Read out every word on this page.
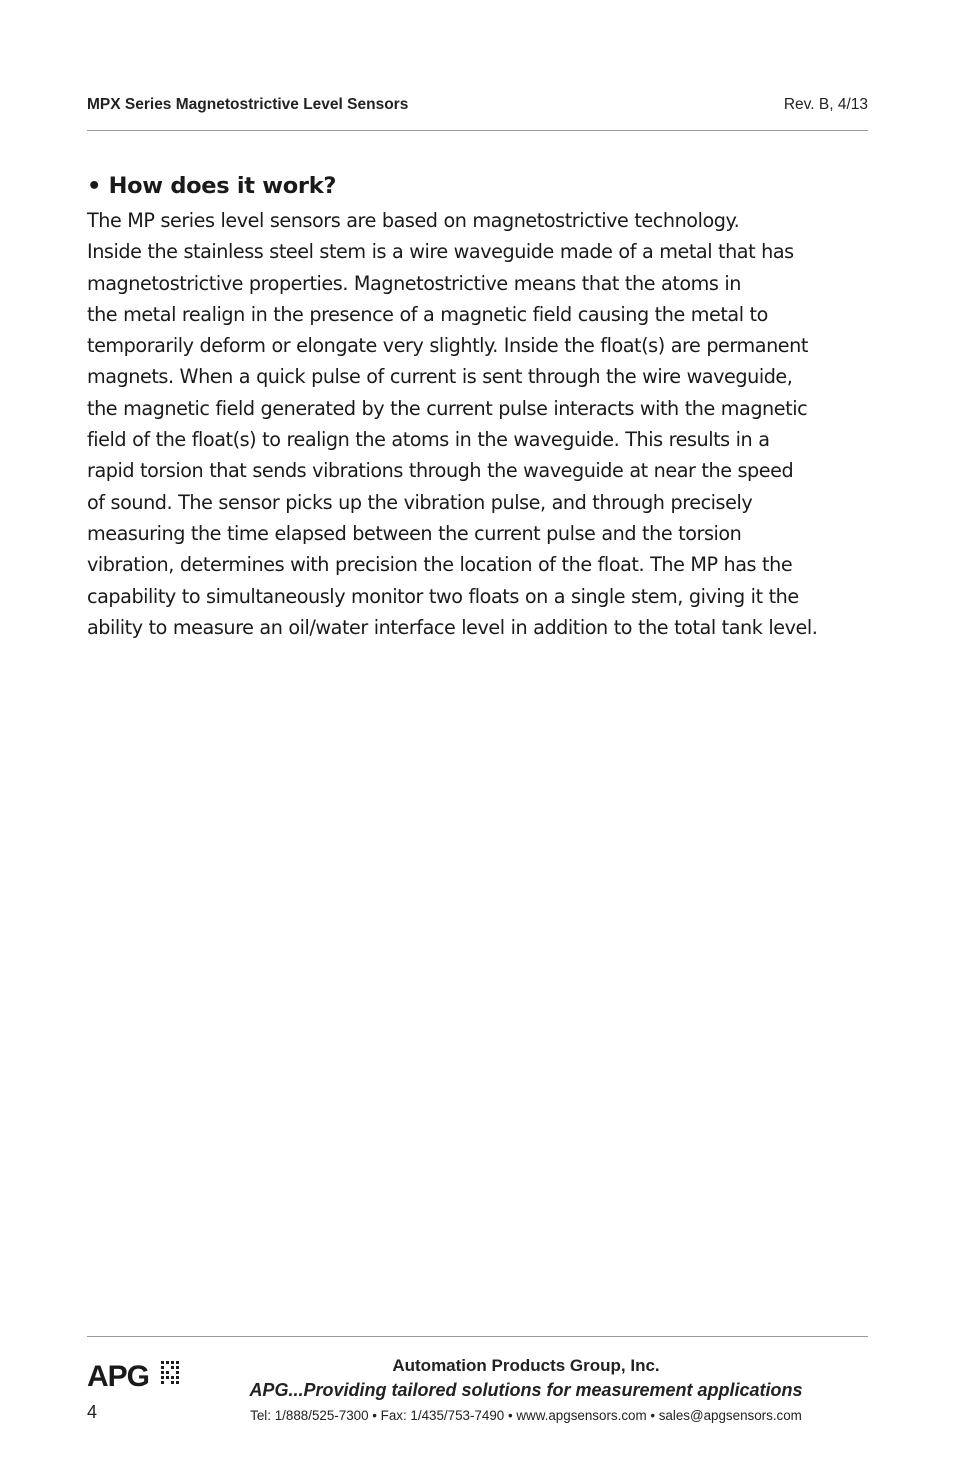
MPX Series Magnetostrictive Level Sensors	Rev. B, 4/13
• How does it work?

The MP series level sensors are based on magnetostrictive technology.
Inside the stainless steel stem is a wire waveguide made of a metal that has
magnetostrictive properties. Magnetostrictive means that the atoms in
the metal realign in the presence of a magnetic field causing the metal to
temporarily deform or elongate very slightly. Inside the float(s) are permanent
magnets. When a quick pulse of current is sent through the wire waveguide,
the magnetic field generated by the current pulse interacts with the magnetic
field of the float(s) to realign the atoms in the waveguide. This results in a
rapid torsion that sends vibrations through the waveguide at near the speed
of sound. The sensor picks up the vibration pulse, and through precisely
measuring the time elapsed between the current pulse and the torsion
vibration, determines with precision the location of the float. The MP has the
capability to simultaneously monitor two floats on a single stem, giving it the
ability to measure an oil/water interface level in addition to the total tank level.

APG
4
Automation Products Group, Inc.
APG...Providing tailored solutions for measurement applications
Tel: 1/888/525-7300 • Fax: 1/435/753-7490 • www.apgsensors.com • sales@apgsensors.com
